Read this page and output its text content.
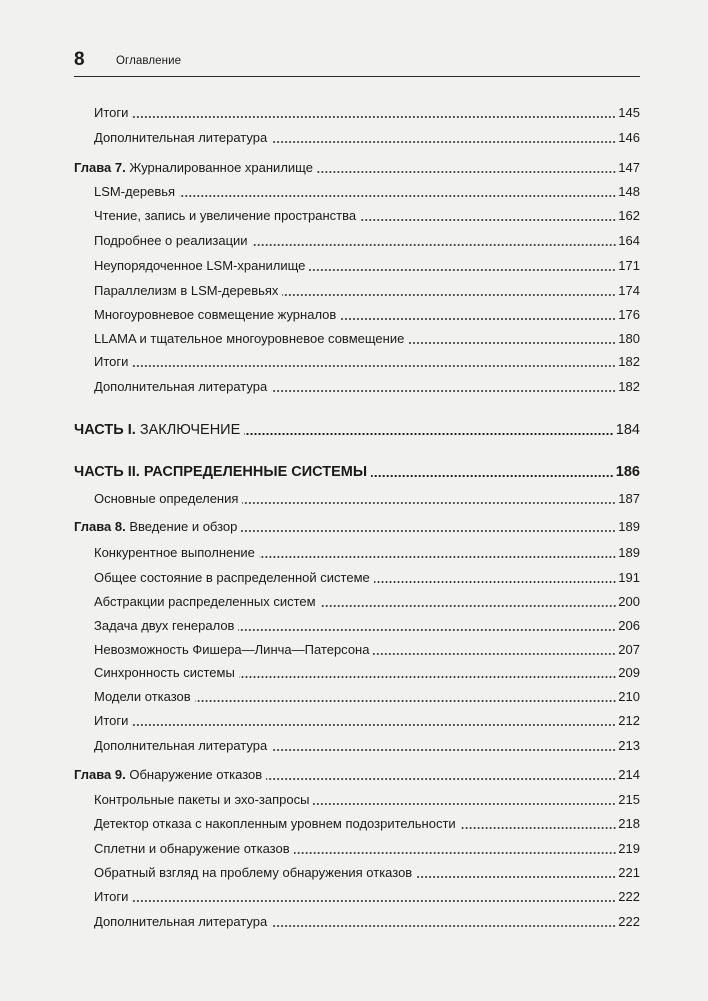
8	Оглавление
Итоги	145
Дополнительная литература	146
Глава 7. Журналированное хранилище	147
LSM-деревья	148
Чтение, запись и увеличение пространства	162
Подробнее о реализации	164
Неупорядоченное LSM-хранилище	171
Параллелизм в LSM-деревьях	174
Многоуровневое совмещение журналов	176
LLAMA и тщательное многоуровневое совмещение	180
Итоги	182
Дополнительная литература	182
ЧАСТЬ I. ЗАКЛЮЧЕНИЕ	184
ЧАСТЬ II. РАСПРЕДЕЛЕННЫЕ СИСТЕМЫ	186
Основные определения	187
Глава 8. Введение и обзор	189
Конкурентное выполнение	189
Общее состояние в распределенной системе	191
Абстракции распределенных систем	200
Задача двух генералов	206
Невозможность Фишера—Линча—Патерсона	207
Синхронность системы	209
Модели отказов	210
Итоги	212
Дополнительная литература	213
Глава 9. Обнаружение отказов	214
Контрольные пакеты и эхо-запросы	215
Детектор отказа с накопленным уровнем подозрительности	218
Сплетни и обнаружение отказов	219
Обратный взгляд на проблему обнаружения отказов	221
Итоги	222
Дополнительная литература	222
